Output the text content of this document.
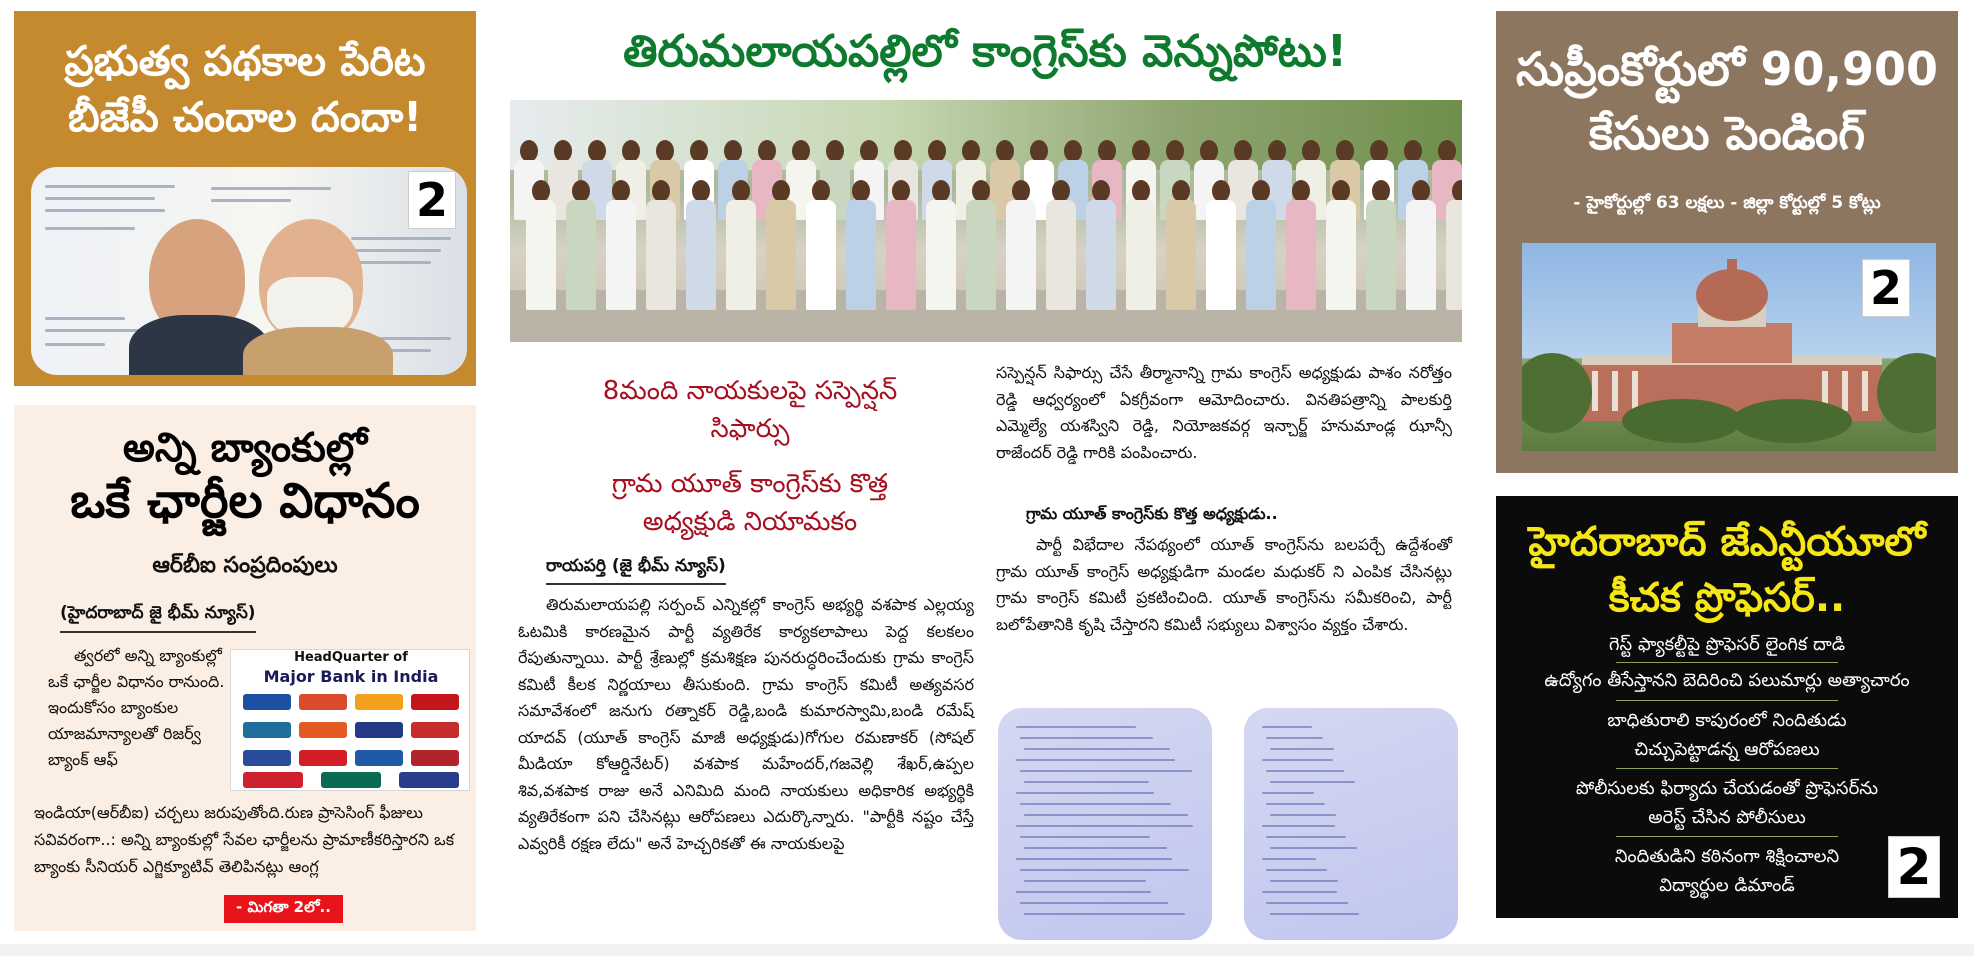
ప్రభుత్వ పథకాల పేరిట
బీజేపీ చందాల దందా!
2
అన్ని బ్యాంకుల్లో
ఒకే ఛార్జీల విధానం
ఆర్‌బీఐ సంప్రదింపులు
(హైదరాబాద్ జై భీమ్ న్యూస్)
త్వరలో అన్ని బ్యాంకుల్లో ఒకే ఛార్జీల విధానం రానుంది. ఇందుకోసం బ్యాంకుల యాజమాన్యాలతో రిజర్వ్ బ్యాంక్ ఆఫ్
HeadQuarter of
Major Bank in India
ఇండియా(ఆర్‌బీఐ) చర్చలు జరుపుతోంది.రుణ ప్రాసెసింగ్ ఫీజులు సవివరంగా..: అన్ని బ్యాంకుల్లో సేవల ఛార్జీలను ప్రామాణీకరిస్తారని ఒక బ్యాంకు సీనియర్ ఎగ్జిక్యూటివ్ తెలిపినట్లు ఆంగ్ల
- మిగతా 2లో..
తిరుమలాయపల్లిలో కాంగ్రెస్‌కు వెన్నుపోటు!
8మంది నాయకులపై సస్పెన్షన్
సిఫార్సు
గ్రామ యూత్ కాంగ్రెస్‌కు కొత్త
అధ్యక్షుడి నియామకం
రాయపర్తి (జై భీమ్ న్యూస్)
తిరుమలాయపల్లి సర్పంచ్ ఎన్నికల్లో కాంగ్రెస్ అభ్యర్థి వశపాక ఎల్లయ్య ఓటమికి కారణమైన పార్టీ వ్యతిరేక కార్యకలాపాలు పెద్ద కలకలం రేపుతున్నాయి. పార్టీ శ్రేణుల్లో క్రమశిక్షణ పునరుద్ధరించేందుకు గ్రామ కాంగ్రెస్ కమిటీ కీలక నిర్ణయాలు తీసుకుంది. గ్రామ కాంగ్రెస్ కమిటీ అత్యవసర సమావేశంలో జనుగు రత్నాకర్ రెడ్డి,బండి కుమారస్వామి,బండి రమేష్ యాదవ్ (యూత్ కాంగ్రెస్ మాజీ అధ్యక్షుడు)గోగుల రమణాకర్ (సోషల్ మీడియా కోఆర్డినేటర్) వశపాక మహేందర్,గజవెల్లి శేఖర్,ఉప్పల శివ,వశపాక రాజు అనే ఎనిమిది మంది నాయకులు అధికారిక అభ్యర్థికి వ్యతిరేకంగా పని చేసినట్లు ఆరోపణలు ఎదుర్కొన్నారు. "పార్టీకి నష్టం చేస్తే ఎవ్వరికీ రక్షణ లేదు" అనే హెచ్చరికతో ఈ నాయకులపై
సస్పెన్షన్ సిఫార్సు చేసే తీర్మానాన్ని గ్రామ కాంగ్రెస్ అధ్యక్షుడు పాశం నరోత్తం రెడ్డి ఆధ్వర్యంలో ఏకగ్రీవంగా ఆమోదించారు. వినతిపత్రాన్ని పాలకుర్తి ఎమ్మెల్యే యశస్విని రెడ్డి, నియోజకవర్గ ఇన్చార్జ్ హనుమాండ్ల ఝాన్సీ రాజేందర్ రెడ్డి గారికి పంపించారు.
గ్రామ యూత్ కాంగ్రెస్‌కు కొత్త అధ్యక్షుడు..
పార్టీ విభేదాల నేపథ్యంలో యూత్ కాంగ్రెస్‌ను బలపర్చే ఉద్దేశంతో గ్రామ యూత్ కాంగ్రెస్ అధ్యక్షుడిగా మండల మధుకర్ ని ఎంపిక చేసినట్లు గ్రామ కాంగ్రెస్ కమిటీ ప్రకటించింది. యూత్ కాంగ్రెస్‌ను సమీకరించి, పార్టీ బలోపేతానికి కృషి చేస్తారని కమిటీ సభ్యులు విశ్వాసం వ్యక్తం చేశారు.
సుప్రీంకోర్టులో 90,900
కేసులు పెండింగ్
- హైకోర్టుల్లో 63 లక్షలు - జిల్లా కోర్టుల్లో 5 కోట్లు
2
హైదరాబాద్ జేఎన్టీయూలో
కీచక ప్రొఫెసర్..
గెస్ట్ ఫ్యాకల్టీపై ప్రొఫెసర్ లైంగిక దాడి
ఉద్యోగం తీసేస్తానని బెదిరించి పలుమార్లు అత్యాచారం
బాధితురాలి కాపురంలో నిందితుడు
చిచ్చుపెట్టాడన్న ఆరోపణలు
పోలీసులకు ఫిర్యాదు చేయడంతో ప్రొఫెసర్‌ను
అరెస్ట్ చేసిన పోలీసులు
నిందితుడిని కఠినంగా శిక్షించాలని
విద్యార్థుల డిమాండ్	2
